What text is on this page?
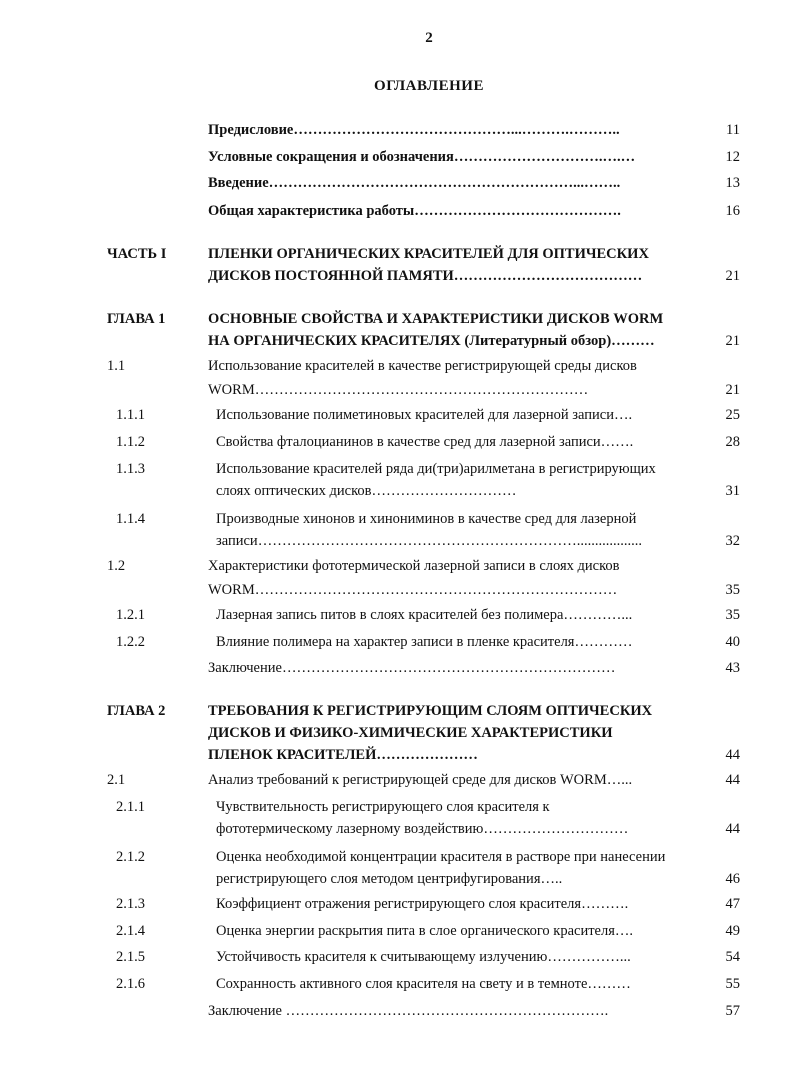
2
ОГЛАВЛЕНИЕ
Предисловие………………………………………...……….………..	11
Условные сокращения и обозначения………………………….….…	12
Введение………………………………………………………...……..	13
Общая характеристика работы…………………………………….	16
ЧАСТЬ I	ПЛЕНКИ ОРГАНИЧЕСКИХ КРАСИТЕЛЕЙ ДЛЯ ОПТИЧЕСКИХ
ДИСКОВ ПОСТОЯННОЙ ПАМЯТИ…………………………………	21
ГЛАВА 1	ОСНОВНЫЕ СВОЙСТВА И ХАРАКТЕРИСТИКИ ДИСКОВ WORM
НА ОРГАНИЧЕСКИХ КРАСИТЕЛЯХ (Литературный обзор)………	21
1.1	Использование красителей в качестве регистрирующей среды дисков
WORM……………………………………………………………	21
1.1.1	Использование полиметиновых красителей для лазерной записи….	25
1.1.2	Свойства фталоцианинов в качестве сред для лазерной записи…….	28
1.1.3	Использование красителей ряда ди(три)арилметана в регистрирующих
слоях оптических дисков…………………………	31
1.1.4	Производные хинонов и хинониминов в качестве сред для лазерной
записи…………………………………………………………..................	32
1.2	Характеристики фототермической лазерной записи в слоях дисков
WORM…………………………………………………………………	35
1.2.1	Лазерная запись питов в слоях красителей без полимера…………...	35
1.2.2	Влияние полимера на характер записи в пленке красителя…………	40
Заключение……………………………………………………………	43
ГЛАВА 2	ТРЕБОВАНИЯ К РЕГИСТРИРУЮЩИМ СЛОЯМ ОПТИЧЕСКИХ
ДИСКОВ И ФИЗИКО-ХИМИЧЕСКИЕ ХАРАКТЕРИСТИКИ
ПЛЕНОК КРАСИТЕЛЕЙ…………………	44
2.1	Анализ требований к регистрирующей среде для дисков WORM…...	44
2.1.1	Чувствительность регистрирующего слоя красителя к
фототермическому лазерному воздействию…………………………	44
2.1.2	Оценка необходимой концентрации красителя в растворе при нанесении
регистрирующего слоя методом центрифугирования…..	46
2.1.3	Коэффициент отражения регистрирующего слоя красителя……….	47
2.1.4	Оценка энергии раскрытия пита в слое органического красителя….	49
2.1.5	Устойчивость красителя к считывающему излучению……………...	54
2.1.6	Сохранность активного слоя красителя на свету и в темноте………	55
Заключение ………………………………………………………….	57
